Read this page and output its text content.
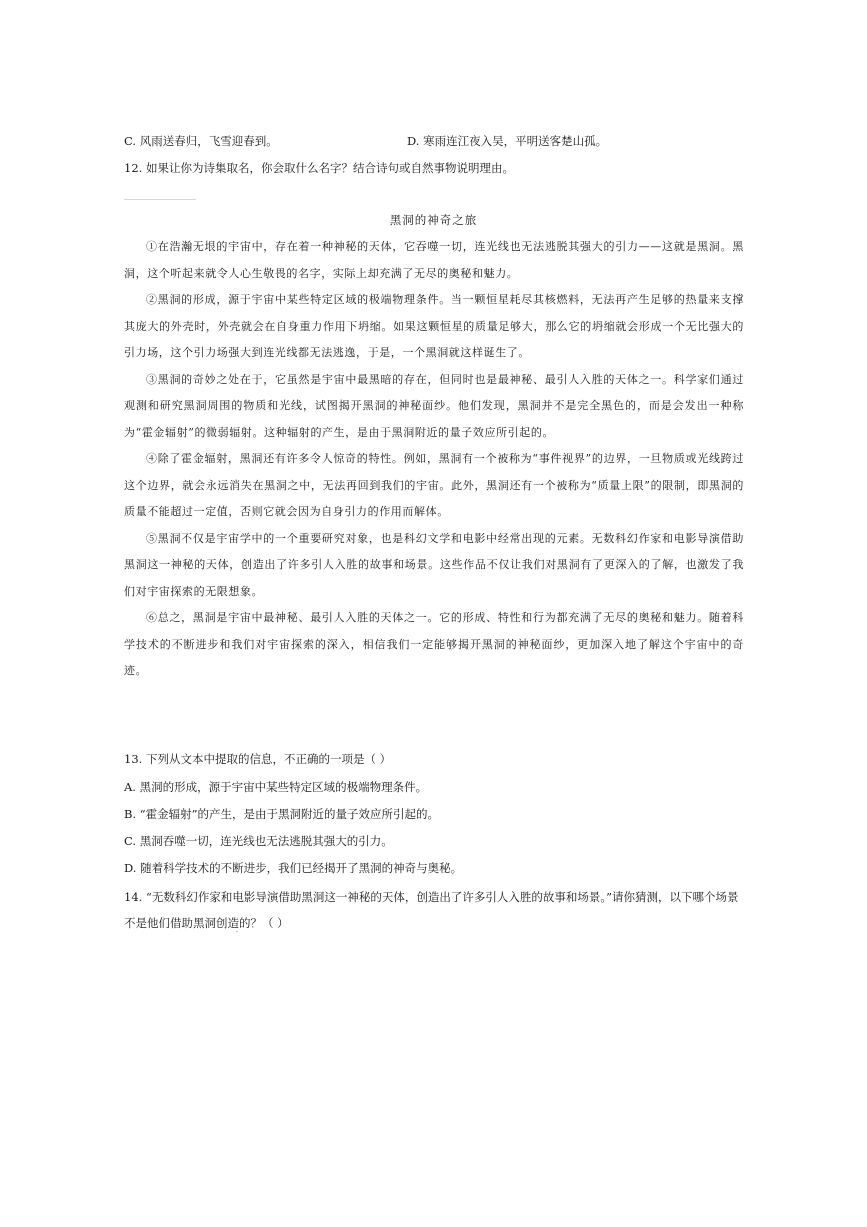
C. 风雨送春归，飞雪迎春到。	D. 寒雨连江夜入吴，平明送客楚山孤。
12. 如果让你为诗集取名，你会取什么名字？结合诗句或自然事物说明理由。
黑洞的神奇之旅

①在浩瀚无垠的宇宙中，存在着一种神秘的天体，它吞噬一切，连光线也无法逃脱其强大的引力——这就是黑洞。黑洞，这个听起来就令人心生敬畏的名字，实际上却充满了无尽的奥秘和魅力。

②黑洞的形成，源于宇宙中某些特定区域的极端物理条件。当一颗恒星耗尽其核燃料，无法再产生足够的热量来支撑其庞大的外壳时，外壳就会在自身重力作用下坍缩。如果这颗恒星的质量足够大，那么它的坍缩就会形成一个无比强大的引力场，这个引力场强大到连光线都无法逃逸，于是，一个黑洞就这样诞生了。

③黑洞的奇妙之处在于，它虽然是宇宙中最黑暗的存在，但同时也是最神秘、最引人入胜的天体之一。科学家们通过观测和研究黑洞周围的物质和光线，试图揭开黑洞的神秘面纱。他们发现，黑洞并不是完全黑色的，而是会发出一种称为“霍金辐射”的微弱辐射。这种辐射的产生，是由于黑洞附近的量子效应所引起的。

④除了霍金辐射，黑洞还有许多令人惊奇的特性。例如，黑洞有一个被称为“事件视界”的边界，一旦物质或光线跨过这个边界，就会永远消失在黑洞之中，无法再回到我们的宇宙。此外，黑洞还有一个被称为“质量上限”的限制，即黑洞的质量不能超过一定值，否则它就会因为自身引力的作用而解体。

⑤黑洞不仅是宇宙学中的一个重要研究对象，也是科幻文学和电影中经常出现的元素。无数科幻作家和电影导演借助黑洞这一神秘的天体，创造出了许多引人入胜的故事和场景。这些作品不仅让我们对黑洞有了更深入的了解，也激发了我们对宇宙探索的无限想象。

⑥总之，黑洞是宇宙中最神秘、最引人入胜的天体之一。它的形成、特性和行为都充满了无尽的奥秘和魅力。随着科学技术的不断进步和我们对宇宙探索的深入，相信我们一定能够揭开黑洞的神秘面纱，更加深入地了解这个宇宙中的奇迹。

13. 下列从文本中提取的信息，不正确的一项是（ ）
A. 黑洞的形成，源于宇宙中某些特定区域的极端物理条件。
B. “霍金辐射”的产生，是由于黑洞附近的量子效应所引起的。
C. 黑洞吞噬一切，连光线也无法逃脱其强大的引力。
D. 随着科学技术的不断进步，我们已经揭开了黑洞的神奇与奥秘。
14. “无数科幻作家和电影导演借助黑洞这一神秘的天体，创造出了许多引人入胜的故事和场景。”请你猜测，以下哪个场景不是他们借助黑洞创造的？（ ）
·
